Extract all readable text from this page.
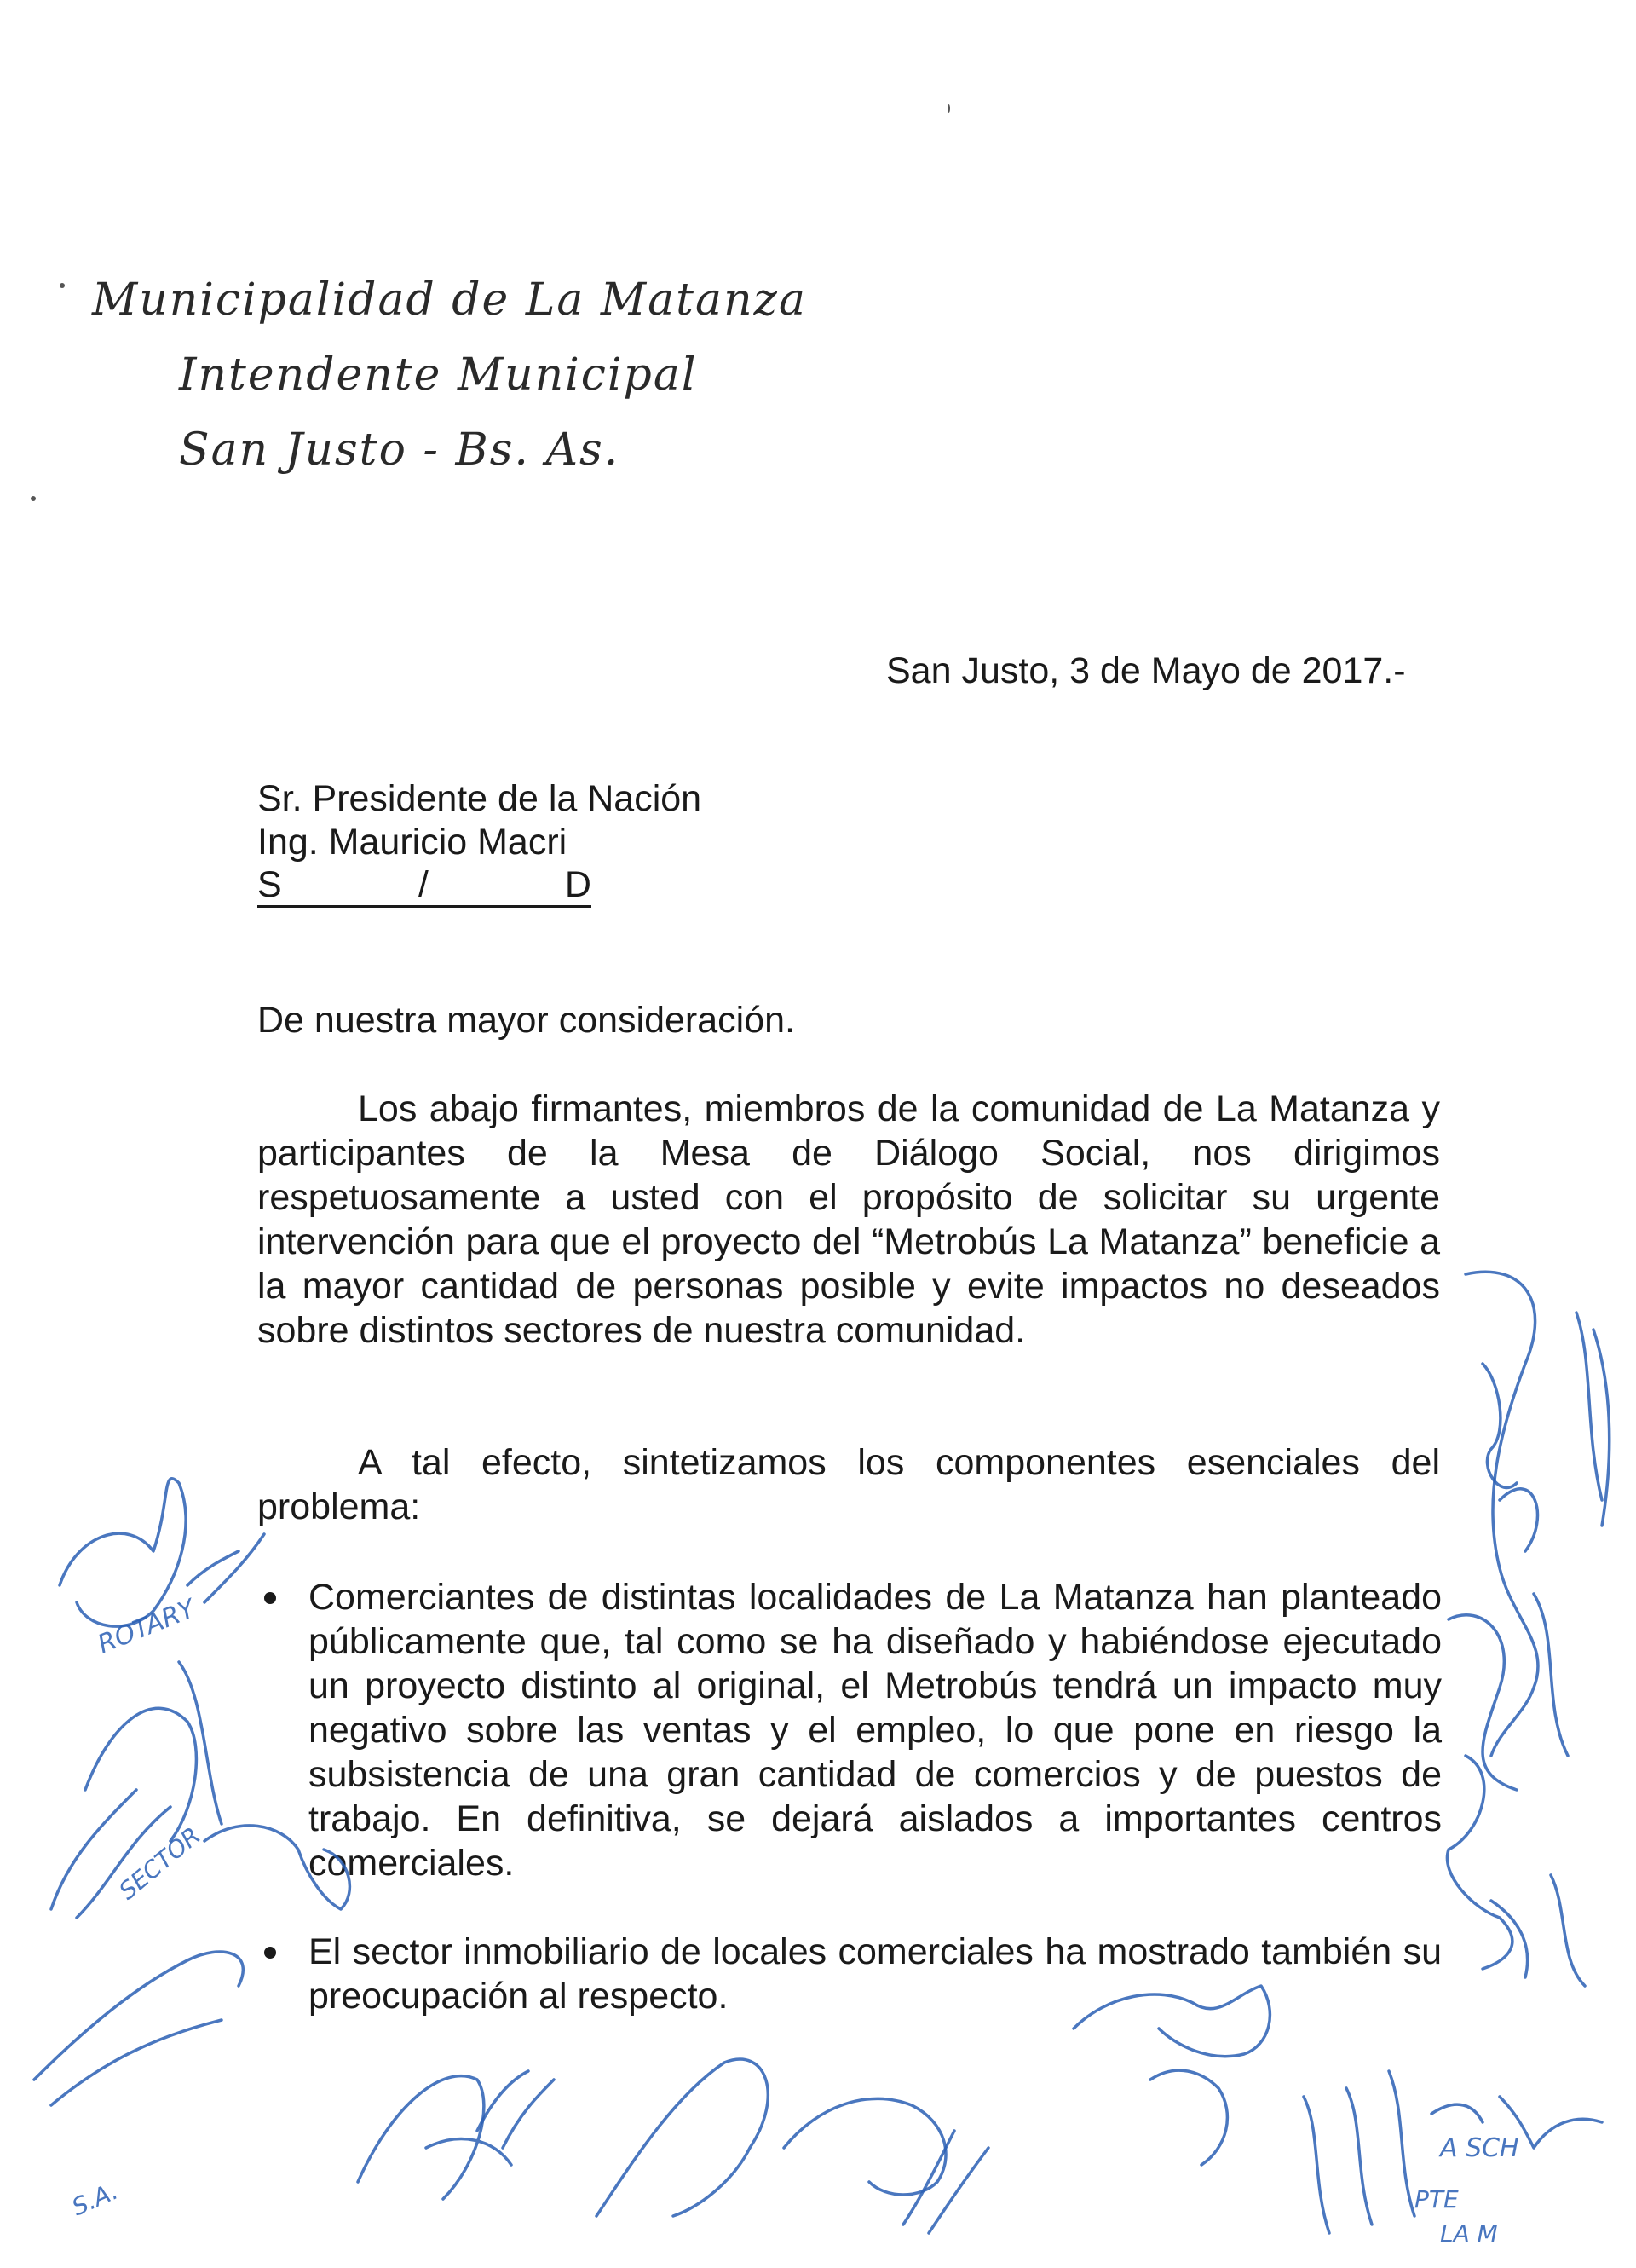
Municipalidad de La Matanza
Intendente Municipal
San Justo - Bs. As.
San Justo, 3 de Mayo de 2017.-
Sr. Presidente de la Nación
Ing. Mauricio Macri
S	/	D
De nuestra mayor consideración.

Los abajo firmantes, miembros de la comunidad de La Matanza y participantes de la Mesa de Diálogo Social, nos dirigimos respetuosamente a usted con el propósito de solicitar su urgente intervención para que el proyecto del “Metrobús La Matanza” beneficie a la mayor cantidad de personas posible y evite impactos no deseados sobre distintos sectores de nuestra comunidad.

A tal efecto, sintetizamos los componentes esenciales del problema:

Comerciantes de distintas localidades de La Matanza han planteado públicamente que, tal como se ha diseñado y habiéndose ejecutado un proyecto distinto al original, el Metrobús tendrá un impacto muy negativo sobre las ventas y el empleo, lo que pone en riesgo la subsistencia de una gran cantidad de comercios y de puestos de trabajo. En definitiva, se dejará aislados a importantes centros comerciales.
El sector inmobiliario de locales comerciales ha mostrado también su preocupación al respecto.
ROTARY
SECTOR
S.A.
A SCH
PTE
LA M
